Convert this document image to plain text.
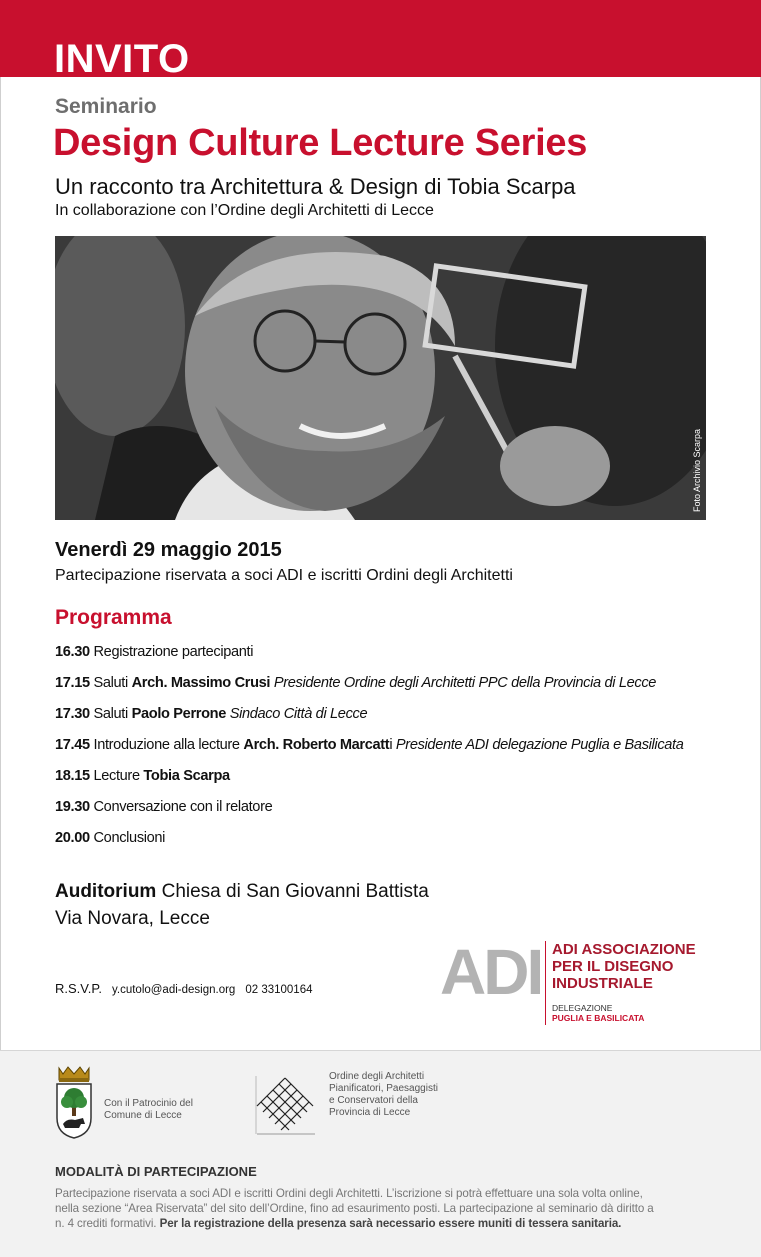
INVITO
Seminario
Design Culture Lecture Series
Un racconto tra Architettura & Design di Tobia Scarpa
In collaborazione con l’Ordine degli Architetti di Lecce
Foto Archivio Scarpa
Venerdì 29 maggio 2015
Partecipazione riservata a soci ADI e iscritti Ordini degli Architetti
Programma
16.30 Registrazione partecipanti
17.15 Saluti Arch. Massimo Crusi Presidente Ordine degli Architetti PPC della Provincia di Lecce
17.30 Saluti Paolo Perrone Sindaco Città di Lecce
17.45 Introduzione alla lecture Arch. Roberto Marcatti Presidente ADI delegazione Puglia e Basilicata
18.15 Lecture Tobia Scarpa
19.30 Conversazione con il relatore
20.00 Conclusioni
Auditorium Chiesa di San Giovanni Battista
Via Novara, Lecce
R.S.V.P. y.cutolo@adi-design.org 02 33100164 ADI ADI ASSOCIAZIONE
PER IL DISEGNO
INDUSTRIALE
DELEGAZIONE
PUGLIA E BASILICATA
Con il Patrocinio del
Comune di Lecce
Ordine degli Architetti
Pianificatori, Paesaggisti
e Conservatori della
Provincia di Lecce
MODALITÀ DI PARTECIPAZIONE
Partecipazione riservata a soci ADI e iscritti Ordini degli Architetti. L’iscrizione si potrà effettuare una sola volta online,
nella sezione “Area Riservata” del sito dell’Ordine, fino ad esaurimento posti. La partecipazione al seminario dà diritto a
n. 4 crediti formativi. Per la registrazione della presenza sarà necessario essere muniti di tessera sanitaria.
